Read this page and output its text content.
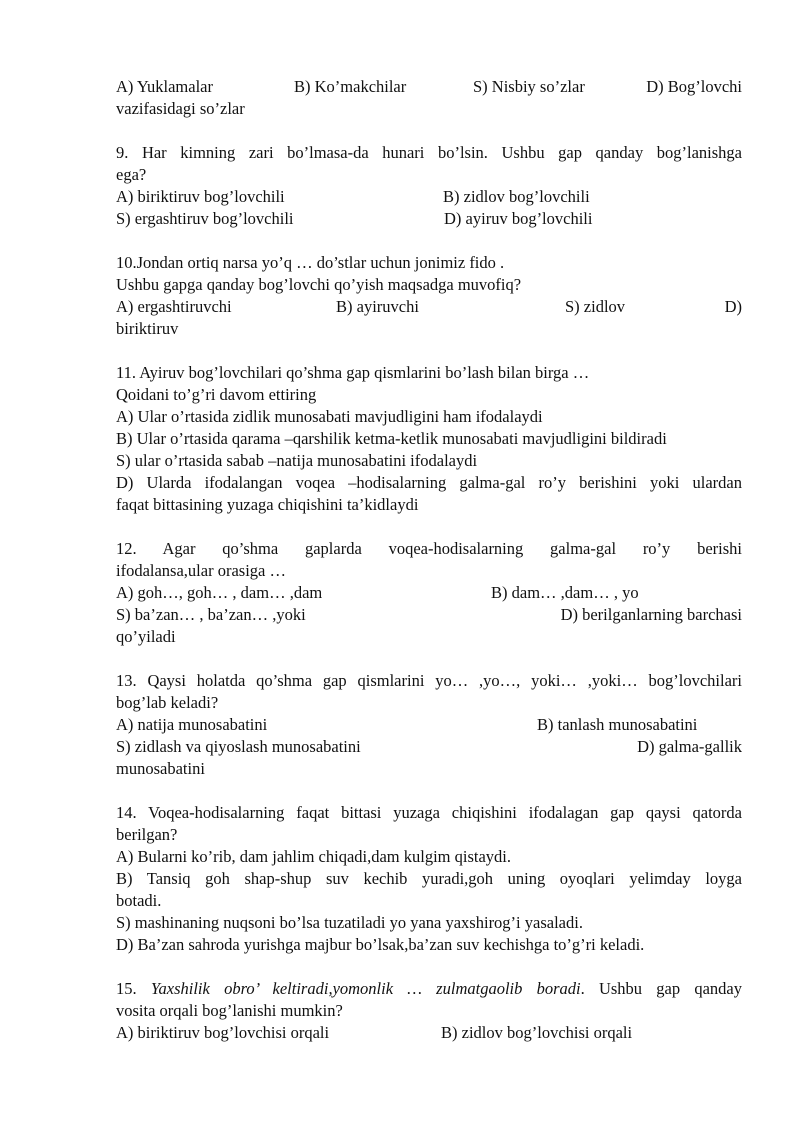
A) Yuklamalar	B) Ko’makchilar	S) Nisbiy so’zlar	D) Bog’lovchi
vazifasidagi so’zlar
9. Har kimning zari bo’lmasa-da hunari bo’lsin. Ushbu gap qanday bog’lanishga
ega?
A) biriktiruv bog’lovchili	B) zidlov bog’lovchili
S) ergashtiruv bog’lovchili	D) ayiruv bog’lovchili
10.Jondan ortiq narsa yo’q … do’stlar uchun jonimiz fido .
Ushbu gapga qanday bog’lovchi qo’yish maqsadga muvofiq?
A) ergashtiruvchi	B) ayiruvchi	S) zidlov	D)
biriktiruv
11. Ayiruv bog’lovchilari qo’shma gap qismlarini bo’lash bilan birga …
Qoidani to’g’ri davom ettiring
A) Ular o’rtasida zidlik munosabati mavjudligini ham ifodalaydi
B) Ular o’rtasida qarama –qarshilik ketma-ketlik munosabati mavjudligini bildiradi
S) ular o’rtasida sabab –natija munosabatini ifodalaydi
D) Ularda ifodalangan voqea –hodisalarning galma-gal ro’y berishini yoki ulardan
faqat bittasining yuzaga chiqishini ta’kidlaydi
12. Agar qo’shma gaplarda voqea-hodisalarning galma-gal ro’y berishi
ifodalansa,ular orasiga …
A) goh…, goh… , dam… ,dam	B) dam… ,dam… , yo
S) ba’zan… , ba’zan… ,yoki	D) berilganlarning barchasi
qo’yiladi
13. Qaysi holatda qo’shma gap qismlarini yo… ,yo…, yoki… ,yoki… bog’lovchilari
bog’lab keladi?
A) natija munosabatini	B) tanlash munosabatini
S) zidlash va qiyoslash munosabatini	D) galma-gallik
munosabatini
14. Voqea-hodisalarning faqat bittasi yuzaga chiqishini ifodalagan gap qaysi qatorda
berilgan?
A) Bularni ko’rib, dam jahlim chiqadi,dam kulgim qistaydi.
B) Tansiq goh shap-shup suv kechib yuradi,goh uning oyoqlari yelimday loyga
botadi.
S) mashinaning nuqsoni bo’lsa tuzatiladi yo yana yaxshirog’i yasaladi.
D) Ba’zan sahroda yurishga majbur bo’lsak,ba’zan suv kechishga to’g’ri keladi.
15. Yaxshilik obro’ keltiradi,yomonlik … zulmatgaolib boradi. Ushbu gap qanday
vosita orqali bog’lanishi mumkin?
A) biriktiruv bog’lovchisi orqali	B) zidlov bog’lovchisi orqali
